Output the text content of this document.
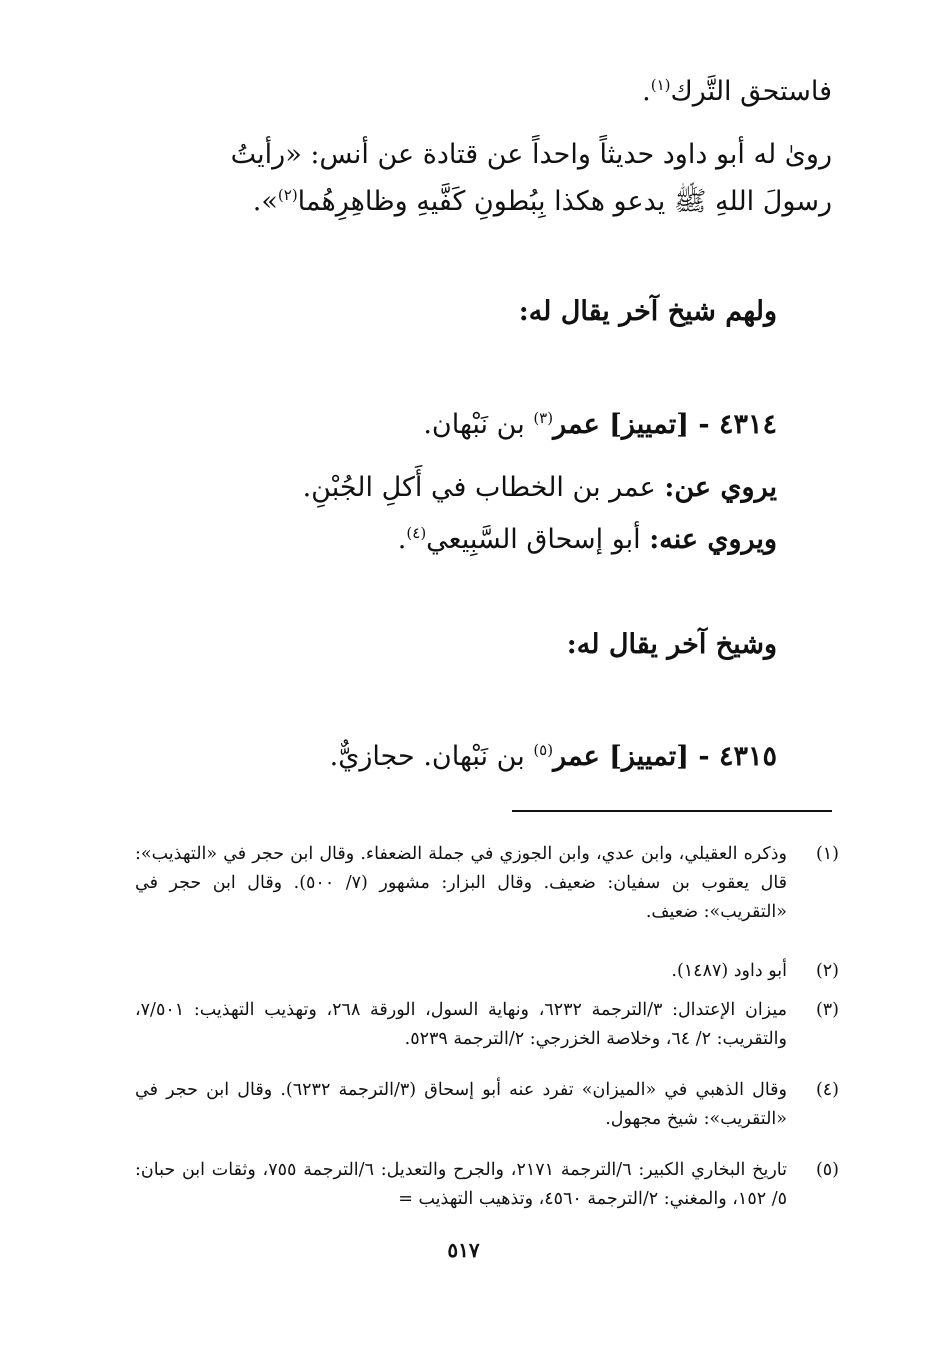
فاستحق التَّرك$^{(١)}$.
روىٰ له أبو داود حديثاً واحداً عن قتادة عن أنس: «رأيتُ
رسولَ اللهِ ﷺ يدعو هكذا بِبُطونِ كَفَّيهِ وظاهِرِهُما$^{(٢)}$».
ولهم شيخ آخر يقال له:
٤٣١٤ - [تمييز] عمر$^{(٣)}$ بن نَبْهان.
يروي عن: عمر بن الخطاب في أَكلِ الجُبْنِ.
ويروي عنه: أبو إسحاق السَّبِيعي$^{(٤)}$.
وشيخ آخر يقال له:
٤٣١٥ - [تمييز] عمر$^{(٥)}$ بن نَبْهان. حجازيٌّ.
(١)
وذكره العقيلي، وابن عدي، وابن الجوزي في جملة الضعفاء. وقال ابن حجر في «التهذيب»: قال يعقوب بن سفيان: ضعيف. وقال البزار: مشهور (٧/ ٥٠٠). وقال ابن حجر في «التقريب»: ضعيف.
(٢)
أبو داود (١٤٨٧).
(٣)
ميزان الإعتدال: ٣/الترجمة ٦٢٣٢، ونهاية السول، الورقة ٢٦٨، وتهذيب التهذيب: ٧/٥٠١، والتقريب: ٢/ ٦٤، وخلاصة الخزرجي: ٢/الترجمة ٥٢٣٩.
(٤)
وقال الذهبي في «الميزان» تفرد عنه أبو إسحاق (٣/الترجمة ٦٢٣٢). وقال ابن حجر في «التقريب»: شيخ مجهول.
(٥)
تاريخ البخاري الكبير: ٦/الترجمة ٢١٧١، والجرح والتعديل: ٦/الترجمة ٧٥٥، وثقات ابن حبان: ٥/ ١٥٢، والمغني: ٢/الترجمة ٤٥٦٠، وتذهيب التهذيب =
٥١٧
